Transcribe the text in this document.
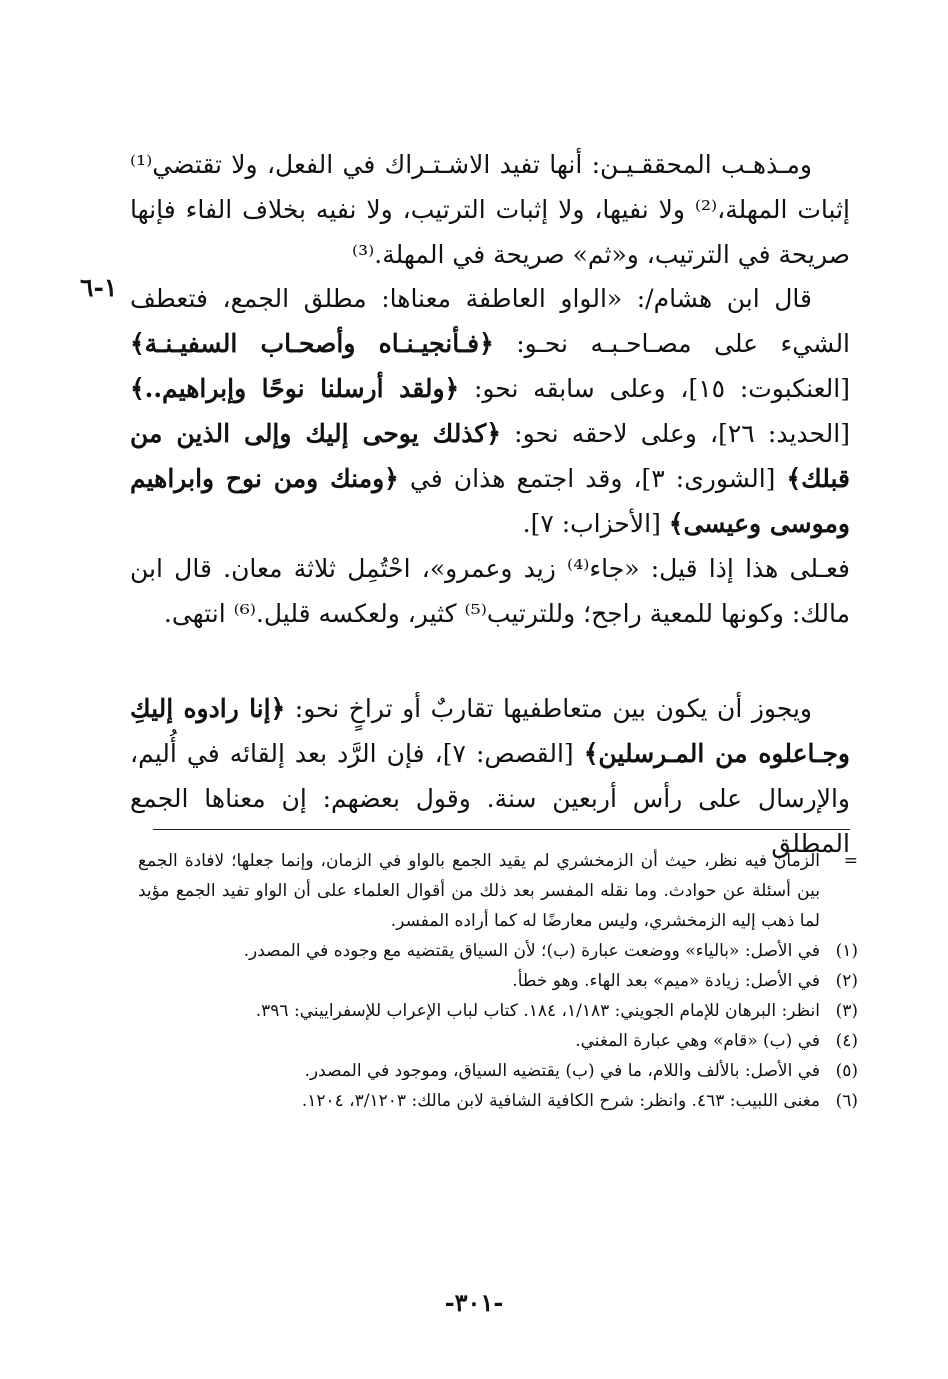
ومـذهـب المحققـيـن: أنها تفيد الاشـتـراك في الفعل، ولا تقتضي⁽¹⁾ إثبات المهلة،⁽²⁾ ولا نفيها، ولا إثبات الترتيب، ولا نفيه بخلاف الفاء فإنها صريحة في الترتيب، و«ثم» صريحة في المهلة.⁽³⁾

١-٦ قال ابن هشام/: «الواو العاطفة معناها: مطلق الجمع، فتعطف الشيء على مصـاحـبـه نحـو: ﴿فـأنجيـنـاه وأصحـاب السفيـنـة﴾ [العنكبوت: ١٥]، وعلى سابقه نحو: ﴿ولقد أرسلنا نوحًا وإبراهيم..﴾ [الحديد: ٢٦]، وعلى لاحقه نحو: ﴿كذلك يوحى إليك وإلى الذين من قبلك﴾ [الشورى: ٣]، وقد اجتمع هذان في ﴿ومنك ومن نوح وابراهيم وموسى وعيسى﴾ [الأحزاب: ٧].

فعـلى هذا إذا قيل: «جاء⁽⁴⁾ زيد وعمرو»، احْتُمِل ثلاثة معان. قال ابن مالك: وكونها للمعية راجح؛ وللترتيب⁽⁵⁾ كثير، ولعكسه قليل.⁽⁶⁾ انتهى.

ويجوز أن يكون بين متعاطفيها تقاربٌ أو تراخٍ نحو: ﴿إنا رادوه إليكِ وجـاعلوه من المـرسلين﴾ [القصص: ٧]، فإن الرَّد بعد إلقائه في أُليم، والإرسال على رأس أربعين سنة. وقول بعضهم: إن معناها الجمع المطلق

=
الزمان فيه نظر، حيث أن الزمخشري لم يقيد الجمع بالواو في الزمان، وإنما جعلها؛ لافادة الجمع بين أسئلة عن حوادث. وما نقله المفسر بعد ذلك من أقوال العلماء على أن الواو تفيد الجمع مؤيد لما ذهب إليه الزمخشري، وليس معارضًا له كما أراده المفسر.
(١)
في الأصل: «بالياء» ووضعت عبارة (ب)؛ لأن السياق يقتضيه مع وجوده في المصدر.
(٢)
في الأصل: زيادة «ميم» بعد الهاء. وهو خطأ.
(٣)
انظر: البرهان للإمام الجويني: ١/١٨٣، ١٨٤. كتاب لباب الإعراب للإسفراييني: ٣٩٦.
(٤)
في (ب) «قام» وهي عبارة المغني.
(٥)
في الأصل: بالألف واللام، ما في (ب) يقتضيه السياق، وموجود في المصدر.
(٦)
مغنى اللبيب: ٤٦٣. وانظر: شرح الكافية الشافية لابن مالك: ٣/١٢٠٣، ١٢٠٤.
-٣٠١-
